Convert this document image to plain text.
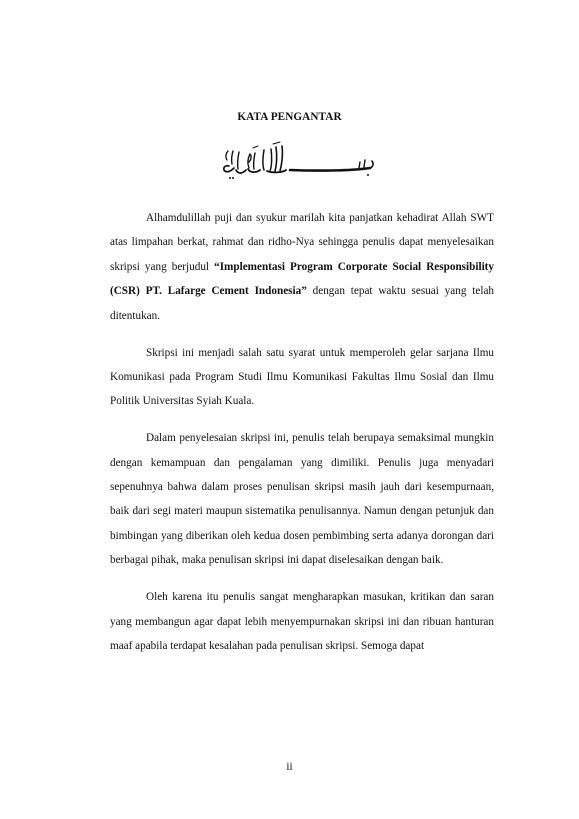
KATA PENGANTAR

Alhamdulillah puji dan syukur marilah kita panjatkan kehadirat Allah SWT atas limpahan berkat, rahmat dan ridho-Nya sehingga penulis dapat menyelesaikan skripsi yang berjudul “Implementasi Program Corporate Social Responsibility (CSR) PT. Lafarge Cement Indonesia” dengan tepat waktu sesuai yang telah ditentukan.

Skripsi ini menjadi salah satu syarat untuk memperoleh gelar sarjana Ilmu Komunikasi pada Program Studi Ilmu Komunikasi Fakultas Ilmu Sosial dan Ilmu Politik Universitas Syiah Kuala.

Dalam penyelesaian skripsi ini, penulis telah berupaya semaksimal mungkin dengan kemampuan dan pengalaman yang dimiliki. Penulis juga menyadari sepenuhnya bahwa dalam proses penulisan skripsi masih jauh dari kesempurnaan, baik dari segi materi maupun sistematika penulisannya. Namun dengan petunjuk dan bimbingan yang diberikan oleh kedua dosen pembimbing serta adanya dorongan dari berbagai pihak, maka penulisan skripsi ini dapat diselesaikan dengan baik.

Oleh karena itu penulis sangat mengharapkan masukan, kritikan dan saran yang membangun agar dapat lebih menyempurnakan skripsi ini dan ribuan hanturan maaf apabila terdapat kesalahan pada penulisan skripsi. Semoga dapat

ii
